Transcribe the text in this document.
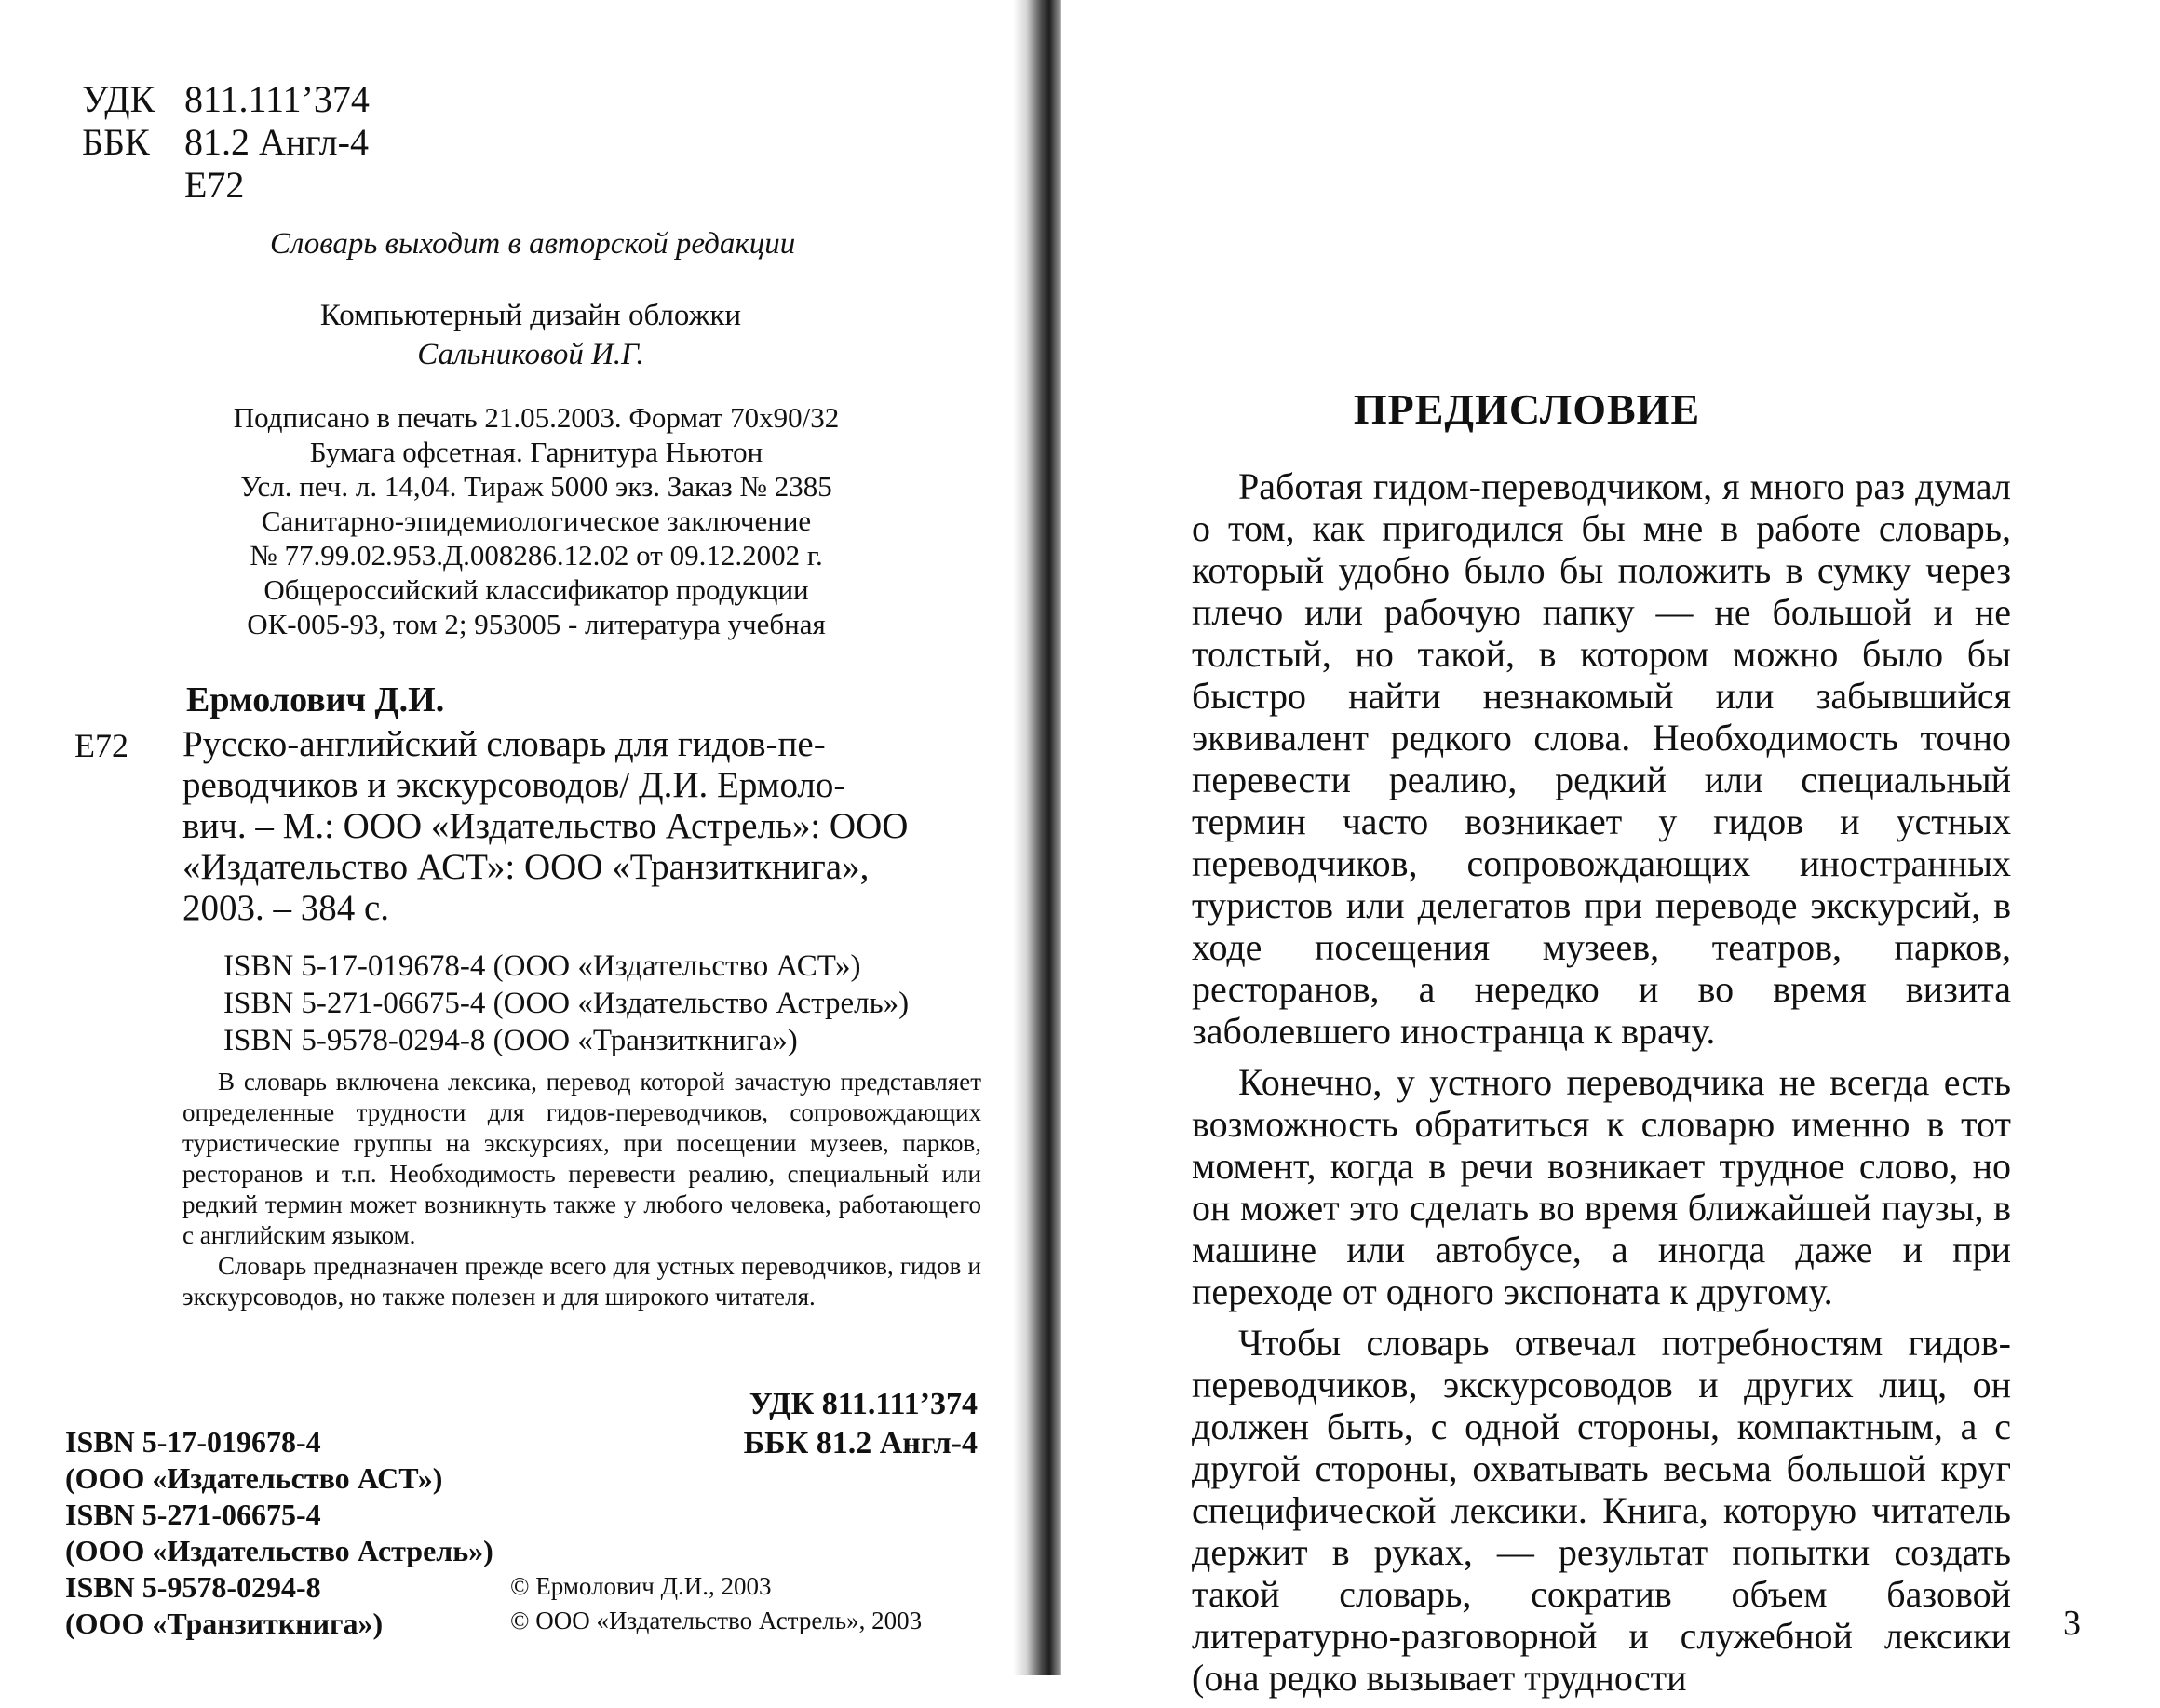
УДК 811.111’374
ББК 81.2 Англ-4
Е72
Словарь выходит в авторской редакции
Компьютерный дизайн обложки
Сальниковой И.Г.
Подписано в печать 21.05.2003. Формат 70x90/32
Бумага офсетная. Гарнитура Ньютон
Усл. печ. л. 14,04. Тираж 5000 экз. Заказ № 2385
Санитарно-эпидемиологическое заключение
№ 77.99.02.953.Д.008286.12.02 от 09.12.2002 г.
Общероссийский классификатор продукции
ОК-005-93, том 2; 953005 - литература учебная
Ермолович Д.И.
Е72 Русско-английский словарь для гидов-пе-
реводчиков и экскурсоводов/ Д.И. Ермоло-
вич. – М.: ООО «Издательство Астрель»: ООО
«Издательство АСТ»: ООО «Транзиткнига»,
2003. – 384 с.
ISBN 5-17-019678-4 (ООО «Издательство АСТ»)
ISBN 5-271-06675-4 (ООО «Издательство Астрель»)
ISBN 5-9578-0294-8 (ООО «Транзиткнига»)

В словарь включена лексика, перевод которой зачастую представляет определенные трудности для гидов-переводчиков, сопровождающих туристические группы на экскурсиях, при посещении музеев, парков, ресторанов и т.п. Необходимость перевести реалию, специальный или редкий термин может возникнуть также у любого человека, работающего с английским языком.

Словарь предназначен прежде всего для устных переводчиков, гидов и экскурсоводов, но также полезен и для широкого читателя.

УДК 811.111’374
ББК 81.2 Англ-4
ISBN 5-17-019678-4
(ООО «Издательство АСТ»)
ISBN 5-271-06675-4
(ООО «Издательство Астрель»)
ISBN 5-9578-0294-8
(ООО «Транзиткнига»)
© Ермолович Д.И., 2003
© ООО «Издательство Астрель», 2003
ПРЕДИСЛОВИЕ

Работая гидом-переводчиком, я много раз думал о том, как пригодился бы мне в работе словарь, который удобно было бы положить в сумку через плечо или рабочую папку — не большой и не толстый, но такой, в котором можно было бы быстро найти незнакомый или забывшийся эквивалент редкого слова. Необходимость точно перевести реалию, редкий или специальный термин часто возникает у гидов и устных переводчиков, сопровождающих иностранных туристов или делегатов при переводе экскурсий, в ходе посещения музеев, театров, парков, ресторанов, а нередко и во время визита заболевшего иностранца к врачу.

Конечно, у устного переводчика не всегда есть возможность обратиться к словарю именно в тот момент, когда в речи возникает трудное слово, но он может это сделать во время ближайшей паузы, в машине или автобусе, а иногда даже и при переходе от одного экспоната к другому.

Чтобы словарь отвечал потребностям гидов-переводчиков, экскурсоводов и других лиц, он должен быть, с одной стороны, компактным, а с другой стороны, охватывать весьма большой круг специфической лексики. Книга, которую читатель держит в руках, — результат попытки создать такой словарь, сократив объем базовой литературно-разговорной и служебной лексики (она редко вызывает трудности

3
